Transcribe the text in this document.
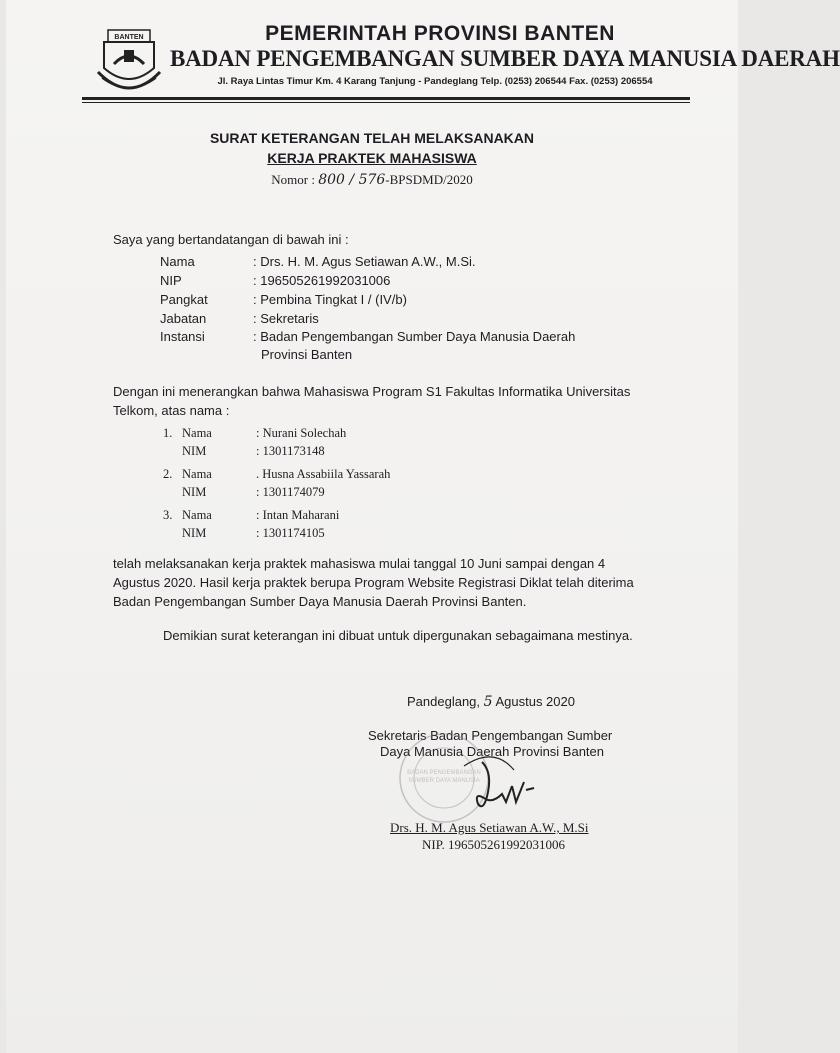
BANTEN	PEMERINTAH PROVINSI BANTEN
BADAN PENGEMBANGAN SUMBER DAYA MANUSIA DAERAH
Jl. Raya Lintas Timur Km. 4 Karang Tanjung - Pandeglang Telp. (0253) 206544 Fax. (0253) 206554
SURAT KETERANGAN TELAH MELAKSANAKAN
KERJA PRAKTEK MAHASISWA
Nomor : 800 / 576-BPSDMD/2020
Saya yang bertandatangan di bawah ini :
Nama	: Drs. H. M. Agus Setiawan A.W., M.Si.
NIP	: 196505261992031006
Pangkat	: Pembina Tingkat I / (IV/b)
Jabatan	: Sekretaris
Instansi	: Badan Pengembangan Sumber Daya Manusia Daerah
Provinsi Banten
Dengan ini menerangkan bahwa Mahasiswa Program S1 Fakultas Informatika Universitas
Telkom, atas nama :
1. Nama	: Nurani Solechah
NIM	: 1301173148
2. Nama	. Husna Assabiila Yassarah
NIM	: 1301174079
3. Nama	: Intan Maharani
NIM	: 1301174105
telah melaksanakan kerja praktek mahasiswa mulai tanggal 10 Juni sampai dengan 4
Agustus 2020. Hasil kerja praktek berupa Program Website Registrasi Diklat telah diterima
Badan Pengembangan Sumber Daya Manusia Daerah Provinsi Banten.
Demikian surat keterangan ini dibuat untuk dipergunakan sebagaimana mestinya.
Pandeglang, 5 Agustus 2020
Sekretaris Badan Pengembangan Sumber
Daya Manusia Daerah Provinsi Banten
BADAN PENGEMBANGAN
SUMBER DAYA MANUSIA
Drs. H. M. Agus Setiawan A.W., M.Si
NIP. 196505261992031006
